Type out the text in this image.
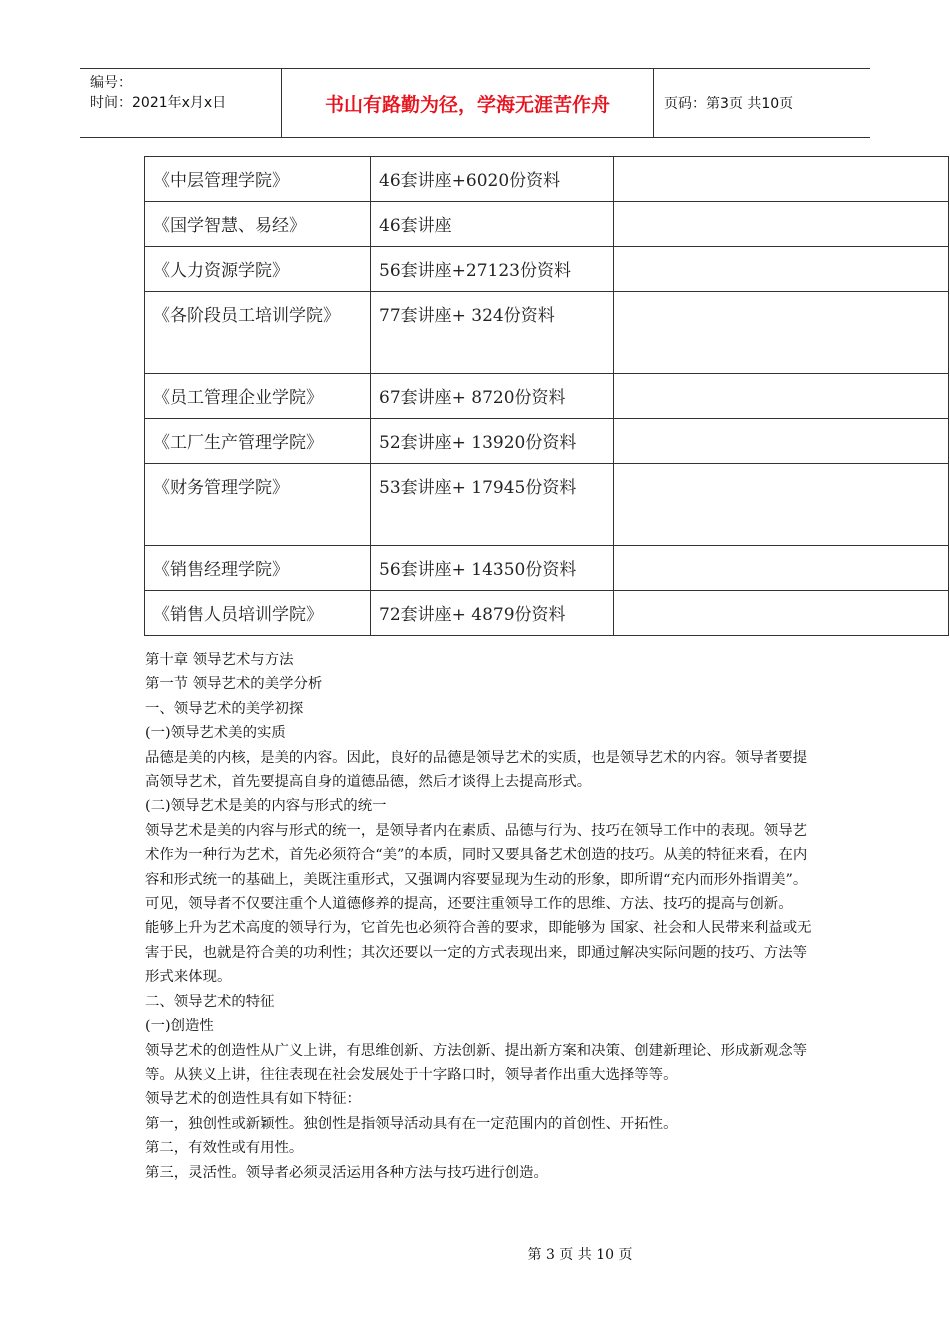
编号：
时间：2021年x月x日	书山有路勤为径，学海无涯苦作舟	页码：第3页 共10页
《中层管理学院》	46套讲座+6020份资料	
《国学智慧、易经》	46套讲座	
《人力资源学院》	56套讲座+27123份资料	
《各阶段员工培训学院》	77套讲座+ 324份资料	
《员工管理企业学院》	67套讲座+ 8720份资料	
《工厂生产管理学院》	52套讲座+ 13920份资料	
《财务管理学院》	53套讲座+ 17945份资料	
《销售经理学院》	56套讲座+ 14350份资料	
《销售人员培训学院》	72套讲座+ 4879份资料	

第十章 领导艺术与方法

第一节 领导艺术的美学分析

一、领导艺术的美学初探

(一)领导艺术美的实质

品德是美的内核，是美的内容。因此，良好的品德是领导艺术的实质，也是领导艺术的内容。领导者要提高领导艺术，首先要提高自身的道德品德，然后才谈得上去提高形式。

(二)领导艺术是美的内容与形式的统一

领导艺术是美的内容与形式的统一，是领导者内在素质、品德与行为、技巧在领导工作中的表现。领导艺术作为一种行为艺术，首先必须符合“美”的本质，同时又要具备艺术创造的技巧。从美的特征来看，在内容和形式统一的基础上，美既注重形式，又强调内容要显现为生动的形象，即所谓“充内而形外指谓美”。可见，领导者不仅要注重个人道德修养的提高，还要注重领导工作的思维、方法、技巧的提高与创新。

能够上升为艺术高度的领导行为，它首先也必须符合善的要求，即能够为 国家、社会和人民带来利益或无害于民，也就是符合美的功利性；其次还要以一定的方式表现出来，即通过解决实际问题的技巧、方法等形式来体现。

二、领导艺术的特征

(一)创造性

领导艺术的创造性从广义上讲，有思维创新、方法创新、提出新方案和决策、创建新理论、形成新观念等等。从狭义上讲，往往表现在社会发展处于十字路口时，领导者作出重大选择等等。

领导艺术的创造性具有如下特征：

第一，独创性或新颖性。独创性是指领导活动具有在一定范围内的首创性、开拓性。

第二，有效性或有用性。

第三，灵活性。领导者必须灵活运用各种方法与技巧进行创造。

第 3 页 共 10 页
